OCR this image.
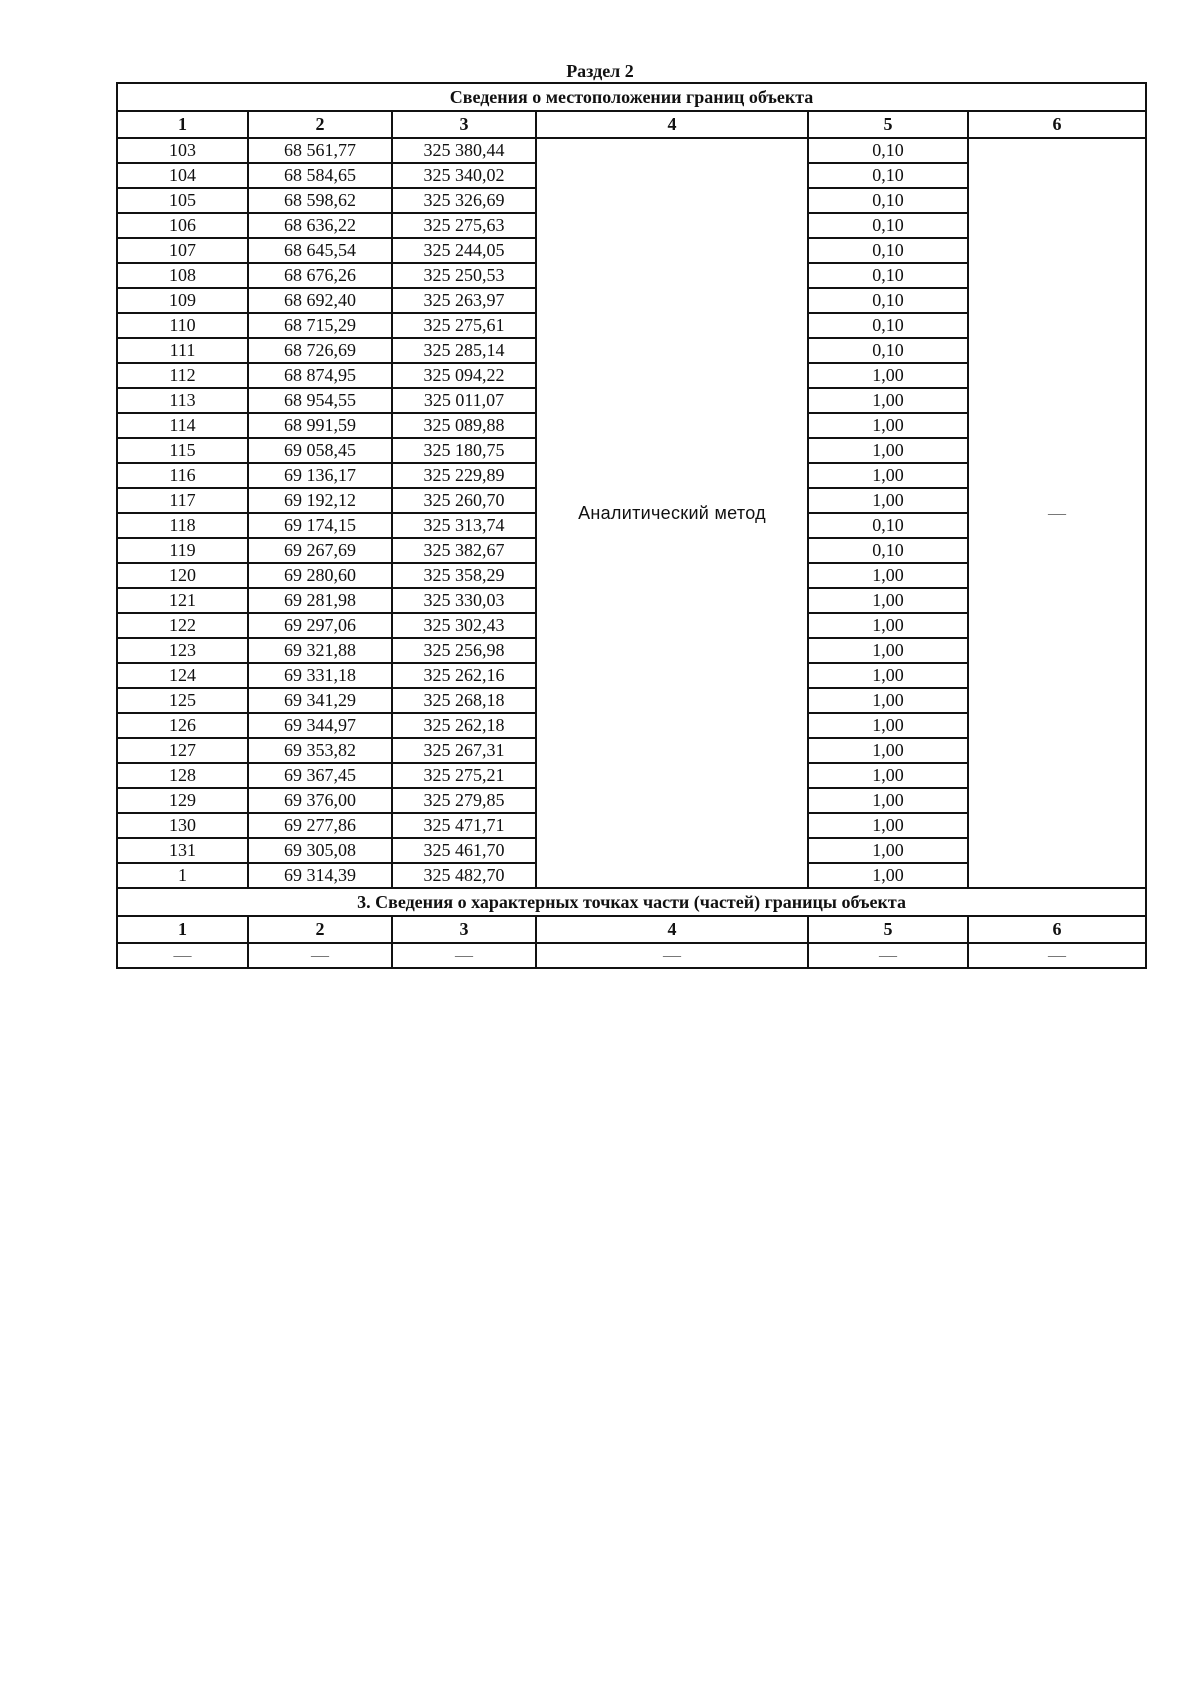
Раздел 2
Сведения о местоположении границ объекта					
1	2	3	4	5	6
103	68 561,77	325 380,44	Аналитический метод	0,10	—
104	68 584,65	325 340,02		0,10	
105	68 598,62	325 326,69		0,10	
106	68 636,22	325 275,63		0,10	
107	68 645,54	325 244,05		0,10	
108	68 676,26	325 250,53		0,10	
109	68 692,40	325 263,97		0,10	
110	68 715,29	325 275,61		0,10	
111	68 726,69	325 285,14		0,10	
112	68 874,95	325 094,22		1,00	
113	68 954,55	325 011,07		1,00	
114	68 991,59	325 089,88		1,00	
115	69 058,45	325 180,75		1,00	
116	69 136,17	325 229,89		1,00	
117	69 192,12	325 260,70		1,00	
118	69 174,15	325 313,74		0,10	
119	69 267,69	325 382,67		0,10	
120	69 280,60	325 358,29		1,00	
121	69 281,98	325 330,03		1,00	
122	69 297,06	325 302,43		1,00	
123	69 321,88	325 256,98		1,00	
124	69 331,18	325 262,16		1,00	
125	69 341,29	325 268,18		1,00	
126	69 344,97	325 262,18		1,00	
127	69 353,82	325 267,31		1,00	
128	69 367,45	325 275,21		1,00	
129	69 376,00	325 279,85		1,00	
130	69 277,86	325 471,71		1,00	
131	69 305,08	325 461,70		1,00	
1	69 314,39	325 482,70		1,00	
3. Сведения о характерных точках части (частей) границы объекта					
1	2	3	4	5	6
—	—	—	—	—	—
